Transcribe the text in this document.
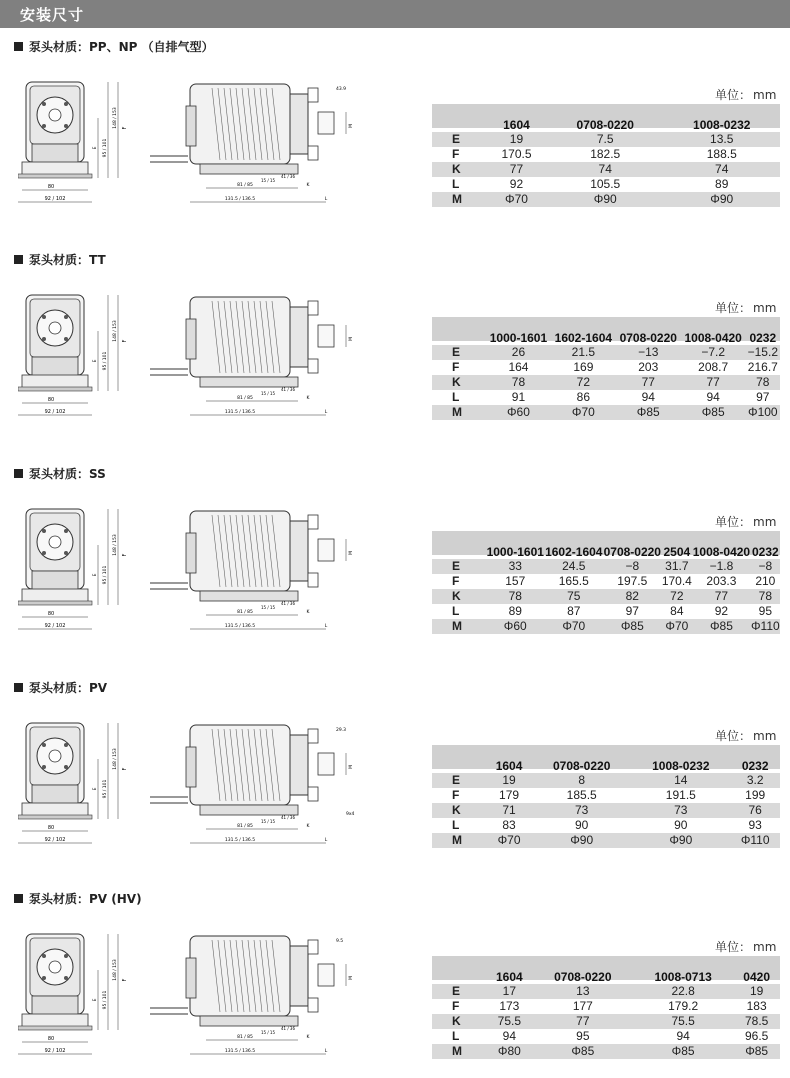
安装尺寸
泵头材质：PP、NP （自排气型）
80
92 / 102
E 95 / 101
148 / 153 F
81 / 85
131.5 / 136.5
15 / 15
41 / 36
K
L
M
43.9	单位： mm
	1604	0708-0220	1008-0232
E	19	7.5	13.5
F	170.5	182.5	188.5
K	77	74	74
L	92	105.5	89
M	Φ70	Φ90	Φ90
泵头材质：TT
80
92 / 102
E 95 / 101
148 / 153 F
81 / 85
131.5 / 136.5
15 / 15
41 / 36
K
L
M
单位： mm
	1000-1601	1602-1604	0708-0220	1008-0420	0232
E	26	21.5	−13	−7.2	−15.2
F	164	169	203	208.7	216.7
K	78	72	77	77	78
L	91	86	94	94	97
M	Φ60	Φ70	Φ85	Φ85	Φ100
泵头材质：SS
80
92 / 102
E 95 / 101
148 / 153 F
81 / 85
131.5 / 136.5
15 / 15
41 / 36
K
L
M
单位： mm
	1000-1601	1602-1604	0708-0220	2504	1008-0420	0232
E	33	24.5	−8	31.7	−1.8	−8
F	157	165.5	197.5	170.4	203.3	210
K	78	75	82	72	77	78
L	89	87	97	84	92	95
M	Φ60	Φ70	Φ85	Φ70	Φ85	Φ110
泵头材质：PV
80
92 / 102
E 95 / 101
148 / 153 F
81 / 85
131.5 / 136.5
15 / 15
41 / 36
K
L
M
29.3
9x4
单位： mm
	1604	0708-0220	1008-0232	0232
E	19	8	14	3.2
F	179	185.5	191.5	199
K	71	73	73	76
L	83	90	90	93
M	Φ70	Φ90	Φ90	Φ110
泵头材质：PV (HV)
80
92 / 102
E 95 / 101
148 / 153 F
81 / 85
131.5 / 136.5
15 / 15
41 / 36
K
L
M
9.5	单位： mm
	1604	0708-0220	1008-0713	0420
E	17	13	22.8	19
F	173	177	179.2	183
K	75.5	77	75.5	78.5
L	94	95	94	96.5
M	Φ80	Φ85	Φ85	Φ85
